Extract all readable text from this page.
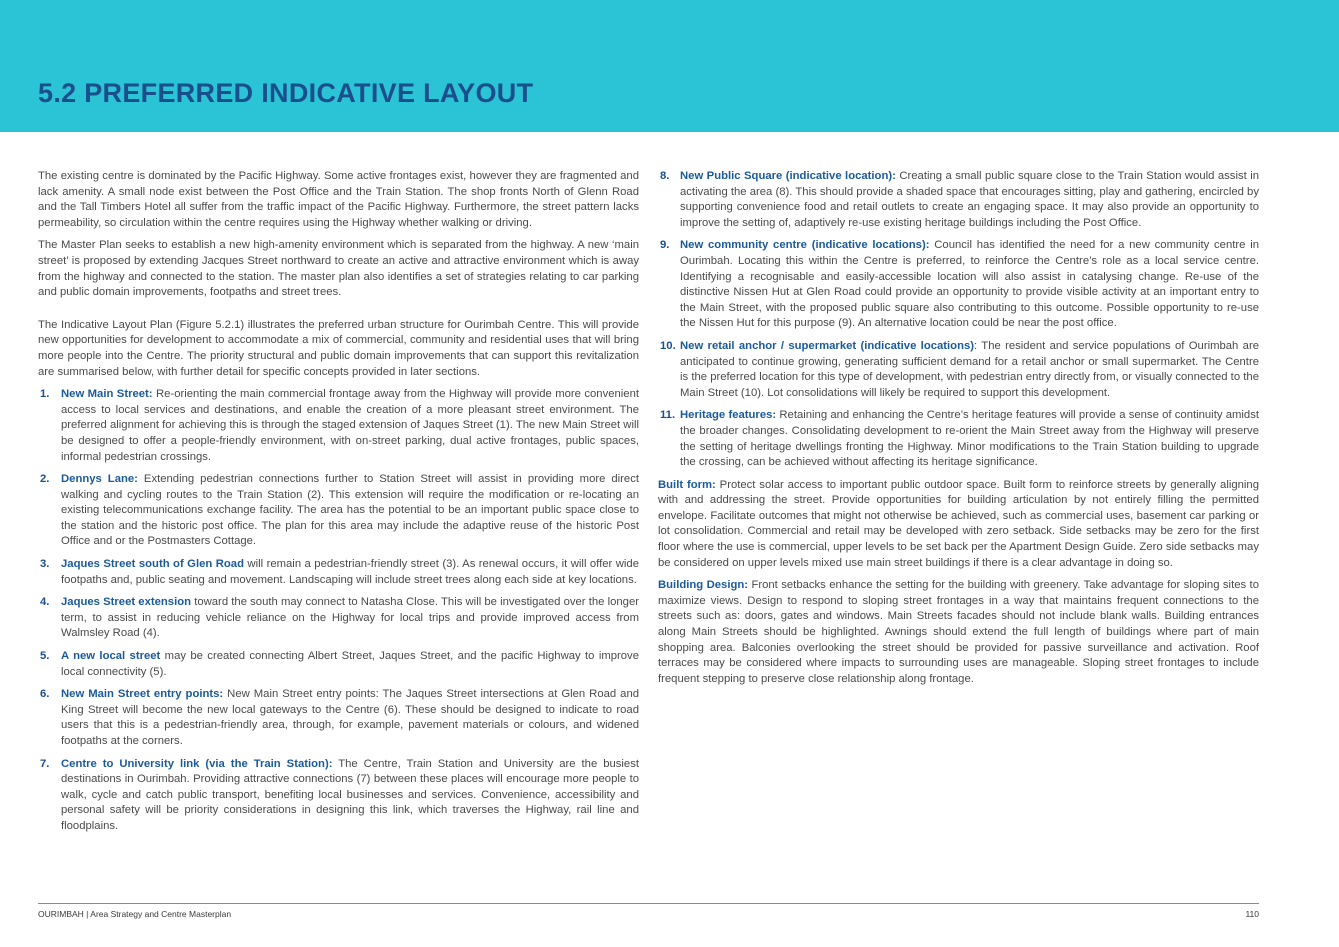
5.2 PREFERRED INDICATIVE LAYOUT

The existing centre is dominated by the Pacific Highway. Some active frontages exist, however they are fragmented and lack amenity. A small node exist between the Post Office and the Train Station. The shop fronts North of Glenn Road and the Tall Timbers Hotel all suffer from the traffic impact of the Pacific Highway. Furthermore, the street pattern lacks permeability, so circulation within the centre requires using the Highway whether walking or driving.

The Master Plan seeks to establish a new high-amenity environment which is separated from the highway. A new ‘main street’ is proposed by extending Jacques Street northward to create an active and attractive environment which is away from the highway and connected to the station. The master plan also identifies a set of strategies relating to car parking and public domain improvements, footpaths and street trees.

The Indicative Layout Plan (Figure 5.2.1) illustrates the preferred urban structure for Ourimbah Centre. This will provide new opportunities for development to accommodate a mix of commercial, community and residential uses that will bring more people into the Centre. The priority structural and public domain improvements that can support this revitalization are summarised below, with further detail for specific concepts provided in later sections.

1. New Main Street: Re-orienting the main commercial frontage away from the Highway will provide more convenient access to local services and destinations, and enable the creation of a more pleasant street environment. The preferred alignment for achieving this is through the staged extension of Jaques Street (1). The new Main Street will be designed to offer a people-friendly environment, with on-street parking, dual active frontages, public spaces, informal pedestrian crossings.
2. Dennys Lane: Extending pedestrian connections further to Station Street will assist in providing more direct walking and cycling routes to the Train Station (2). This extension will require the modification or re-locating an existing telecommunications exchange facility. The area has the potential to be an important public space close to the station and the historic post office. The plan for this area may include the adaptive reuse of the historic Post Office and or the Postmasters Cottage.
3. Jaques Street south of Glen Road will remain a pedestrian-friendly street (3). As renewal occurs, it will offer wide footpaths and, public seating and movement. Landscaping will include street trees along each side at key locations.
4. Jaques Street extension toward the south may connect to Natasha Close. This will be investigated over the longer term, to assist in reducing vehicle reliance on the Highway for local trips and provide improved access from Walmsley Road (4).
5. A new local street may be created connecting Albert Street, Jaques Street, and the pacific Highway to improve local connectivity (5).
6. New Main Street entry points: New Main Street entry points: The Jaques Street intersections at Glen Road and King Street will become the new local gateways to the Centre (6). These should be designed to indicate to road users that this is a pedestrian-friendly area, through, for example, pavement materials or colours, and widened footpaths at the corners.
7. Centre to University link (via the Train Station): The Centre, Train Station and University are the busiest destinations in Ourimbah. Providing attractive connections (7) between these places will encourage more people to walk, cycle and catch public transport, benefiting local businesses and services. Convenience, accessibility and personal safety will be priority considerations in designing this link, which traverses the Highway, rail line and floodplains.
8. New Public Square (indicative location): Creating a small public square close to the Train Station would assist in activating the area (8). This should provide a shaded space that encourages sitting, play and gathering, encircled by supporting convenience food and retail outlets to create an engaging space. It may also provide an opportunity to improve the setting of, adaptively re-use existing heritage buildings including the Post Office.
9. New community centre (indicative locations): Council has identified the need for a new community centre in Ourimbah. Locating this within the Centre is preferred, to reinforce the Centre’s role as a local service centre. Identifying a recognisable and easily-accessible location will also assist in catalysing change. Re-use of the distinctive Nissen Hut at Glen Road could provide an opportunity to provide visible activity at an important entry to the Main Street, with the proposed public square also contributing to this outcome. Possible opportunity to re-use the Nissen Hut for this purpose (9). An alternative location could be near the post office.
10. New retail anchor / supermarket (indicative locations): The resident and service populations of Ourimbah are anticipated to continue growing, generating sufficient demand for a retail anchor or small supermarket. The Centre is the preferred location for this type of development, with pedestrian entry directly from, or visually connected to the Main Street (10). Lot consolidations will likely be required to support this development.
11. Heritage features: Retaining and enhancing the Centre’s heritage features will provide a sense of continuity amidst the broader changes. Consolidating development to re-orient the Main Street away from the Highway will preserve the setting of heritage dwellings fronting the Highway. Minor modifications to the Train Station building to upgrade the crossing, can be achieved without affecting its heritage significance.

Built form: Protect solar access to important public outdoor space. Built form to reinforce streets by generally aligning with and addressing the street. Provide opportunities for building articulation by not entirely filling the permitted envelope. Facilitate outcomes that might not otherwise be achieved, such as commercial uses, basement car parking or lot consolidation. Commercial and retail may be developed with zero setback. Side setbacks may be zero for the first floor where the use is commercial, upper levels to be set back per the Apartment Design Guide. Zero side setbacks may be considered on upper levels mixed use main street buildings if there is a clear advantage in doing so.

Building Design: Front setbacks enhance the setting for the building with greenery. Take advantage for sloping sites to maximize views. Design to respond to sloping street frontages in a way that maintains frequent connections to the streets such as: doors, gates and windows. Main Streets facades should not include blank walls. Building entrances along Main Streets should be highlighted. Awnings should extend the full length of buildings where part of main shopping area. Balconies overlooking the street should be provided for passive surveillance and activation. Roof terraces may be considered where impacts to surrounding uses are manageable. Sloping street frontages to include frequent stepping to preserve close relationship along frontage.

OURIMBAH | Area Strategy and Centre Masterplan	110
